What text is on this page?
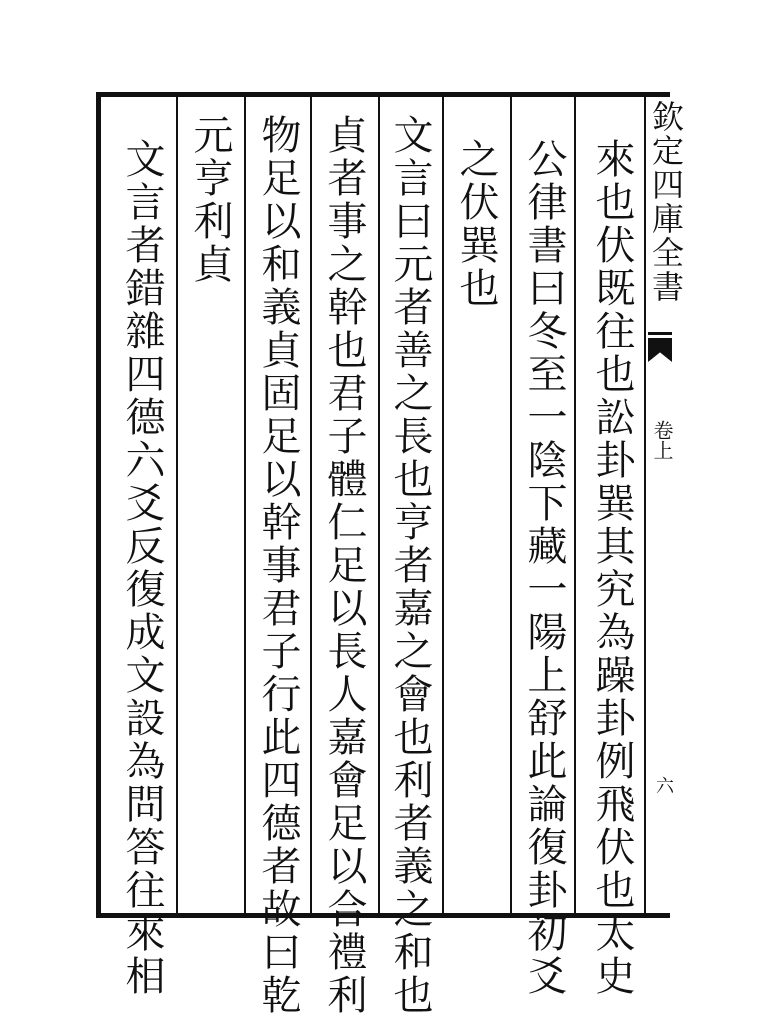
來也伏既往也訟卦巽其究為躁卦例飛伏也太史
公律書曰冬至一陰下藏一陽上舒此論復卦初爻
之伏巽也
文言曰元者善之長也亨者嘉之會也利者義之和也
貞者事之幹也君子體仁足以長人嘉會足以合禮利
物足以和義貞固足以幹事君子行此四德者故曰乾
元亨利貞
文言者錯雜四德六爻反復成文設為問答往來相	欽定四庫全書
卷上
六
